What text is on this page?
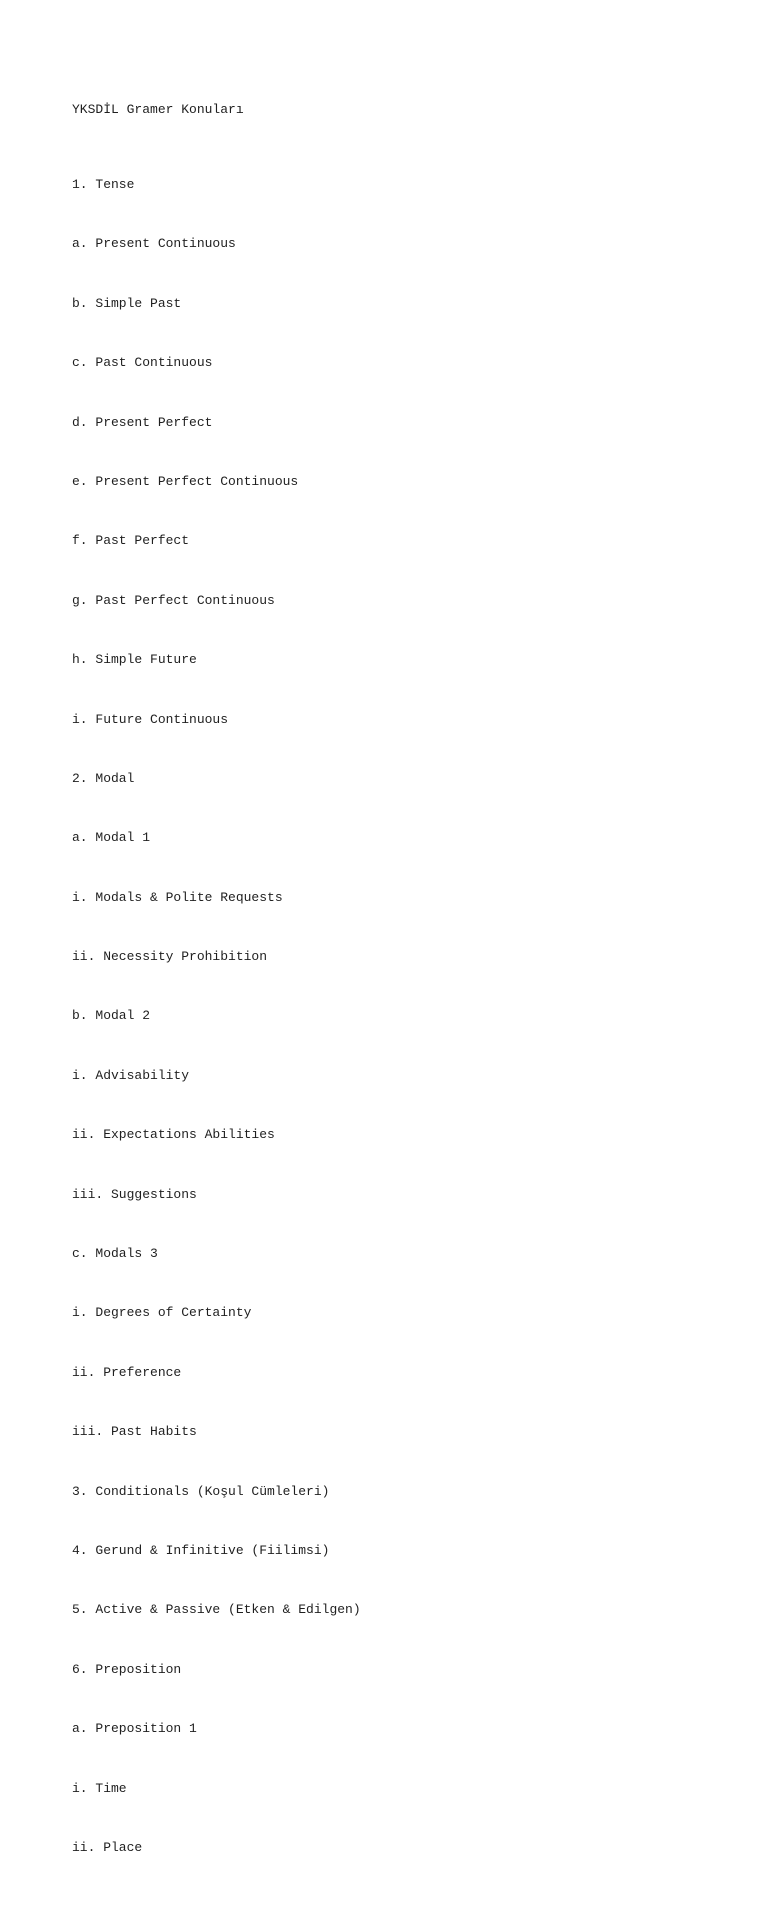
YKSDİL Gramer Konuları

1. Tense

a. Present Continuous

b. Simple Past

c. Past Continuous

d. Present Perfect

e. Present Perfect Continuous

f. Past Perfect

g. Past Perfect Continuous

h. Simple Future

i. Future Continuous

2. Modal

a. Modal 1

i. Modals & Polite Requests

ii. Necessity Prohibition

b. Modal 2

i. Advisability

ii. Expectations Abilities

iii. Suggestions

c. Modals 3

i. Degrees of Certainty

ii. Preference

iii. Past Habits

3. Conditionals (Koşul Cümleleri)

4. Gerund & Infinitive (Fiilimsi)

5. Active & Passive (Etken & Edilgen)

6. Preposition

a. Preposition 1

i. Time

ii. Place
